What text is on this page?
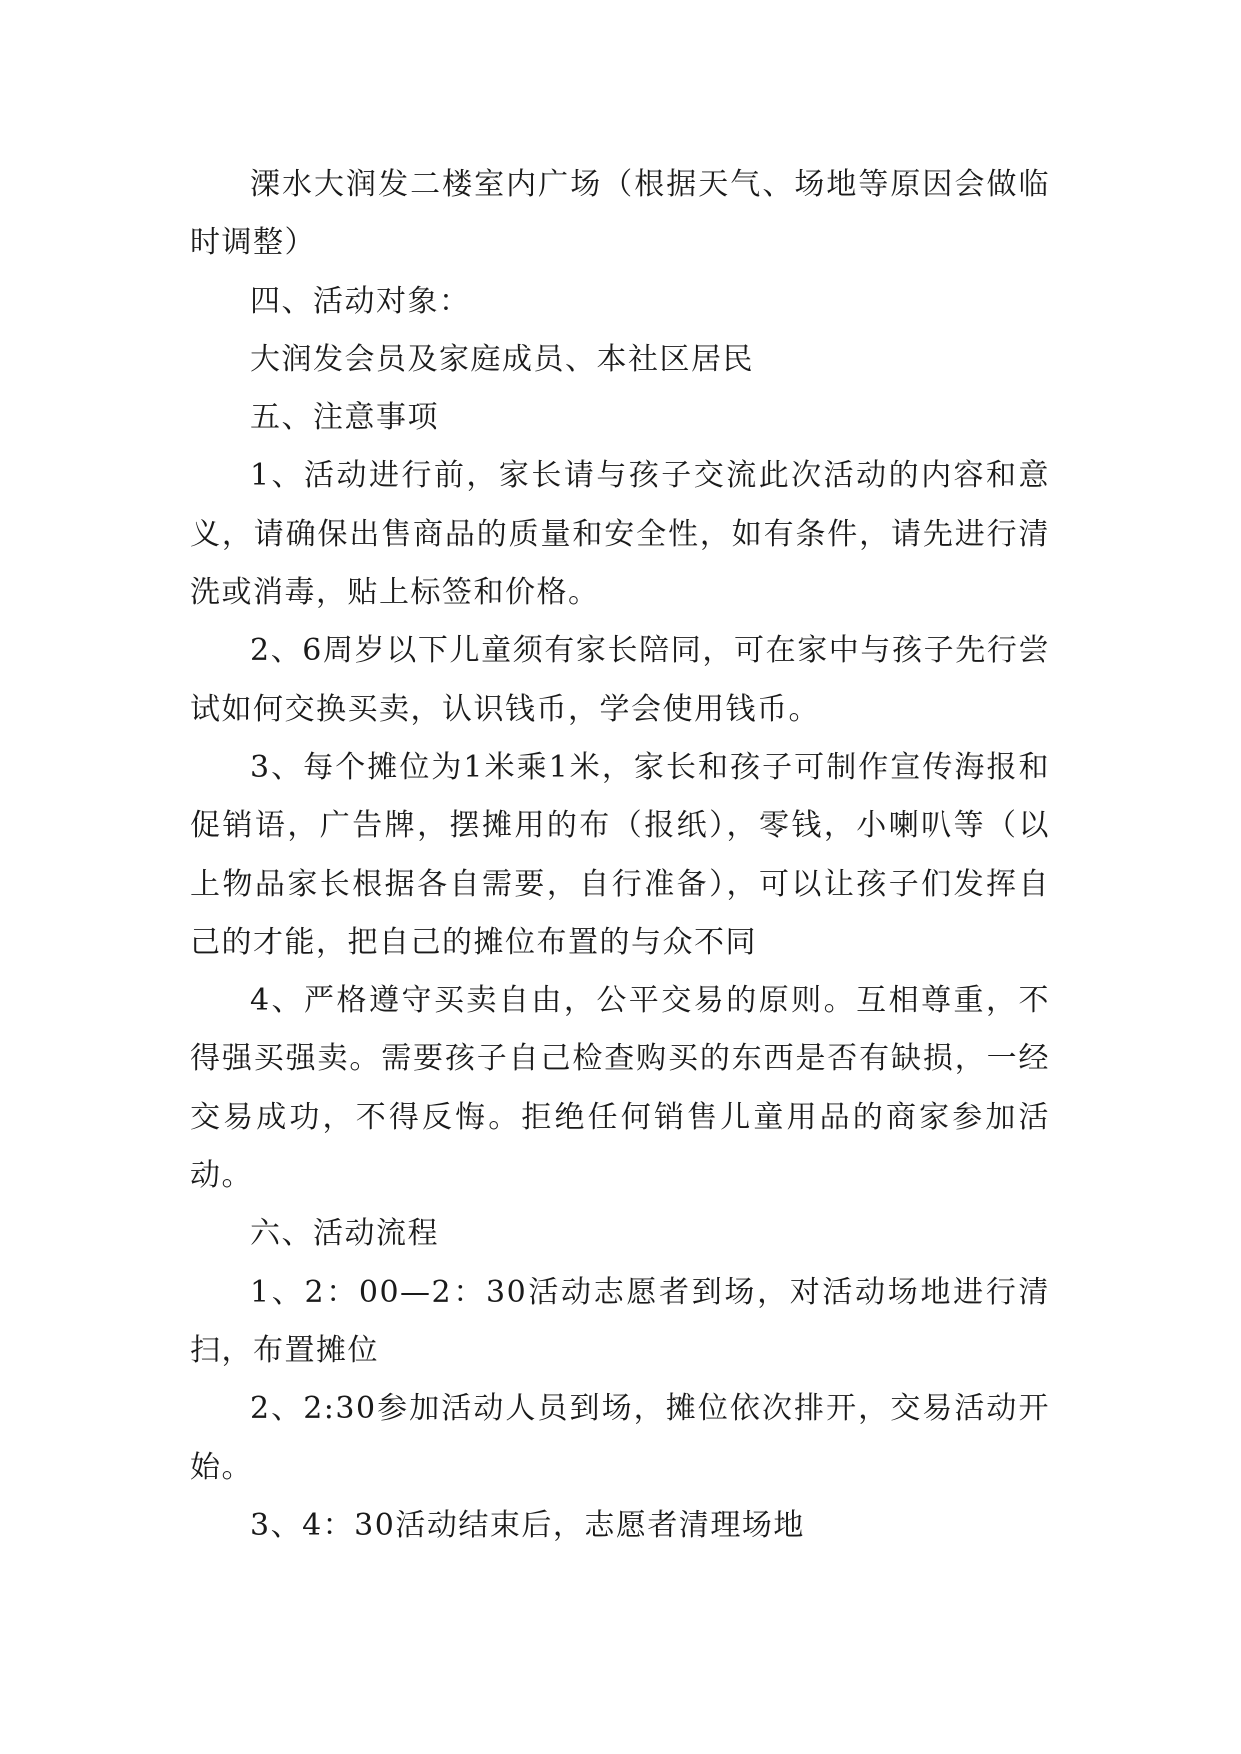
溧水大润发二楼室内广场（根据天气、场地等原因会做临时调整）

四、活动对象：

大润发会员及家庭成员、本社区居民

五、注意事项

1、活动进行前，家长请与孩子交流此次活动的内容和意义，请确保出售商品的质量和安全性，如有条件，请先进行清洗或消毒，贴上标签和价格。

2、6周岁以下儿童须有家长陪同，可在家中与孩子先行尝试如何交换买卖，认识钱币，学会使用钱币。

3、每个摊位为1米乘1米，家长和孩子可制作宣传海报和促销语，广告牌，摆摊用的布（报纸），零钱，小喇叭等（以上物品家长根据各自需要，自行准备），可以让孩子们发挥自己的才能，把自己的摊位布置的与众不同

4、严格遵守买卖自由，公平交易的原则。互相尊重，不得强买强卖。需要孩子自己检查购买的东西是否有缺损，一经交易成功，不得反悔。拒绝任何销售儿童用品的商家参加活动。

六、活动流程

1、2：00—2：30活动志愿者到场，对活动场地进行清扫，布置摊位

2、2:30参加活动人员到场，摊位依次排开，交易活动开始。

3、4：30活动结束后，志愿者清理场地
